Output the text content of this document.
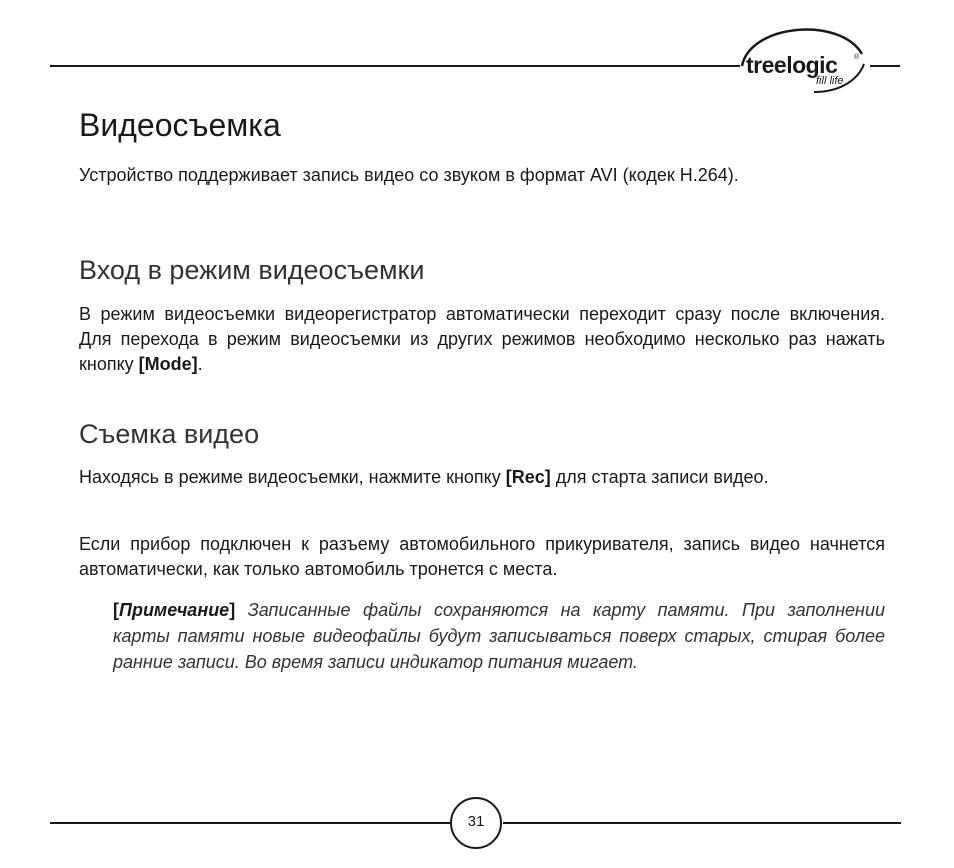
treelogic ®
fill life
Видеосъемка

Устройство поддерживает запись видео со звуком в формат AVI (кодек H.264).

Вход в режим видеосъемки

В режим видеосъемки видеорегистратор автоматически переходит сразу после включения. Для перехода в режим видеосъемки из других режимов необходимо несколько раз нажать кнопку [Mode].

Съемка видео

Находясь в режиме видеосъемки, нажмите кнопку [Rec] для старта записи видео.

Если прибор подключен к разъему автомобильного прикуривателя, запись видео начнется автоматически, как только автомобиль тронется с места.

[Примечание] Записанные файлы сохраняются на карту памяти. При заполнении карты памяти новые видеофайлы будут записываться поверх старых, стирая более ранние записи. Во время записи индикатор питания мигает.

31
